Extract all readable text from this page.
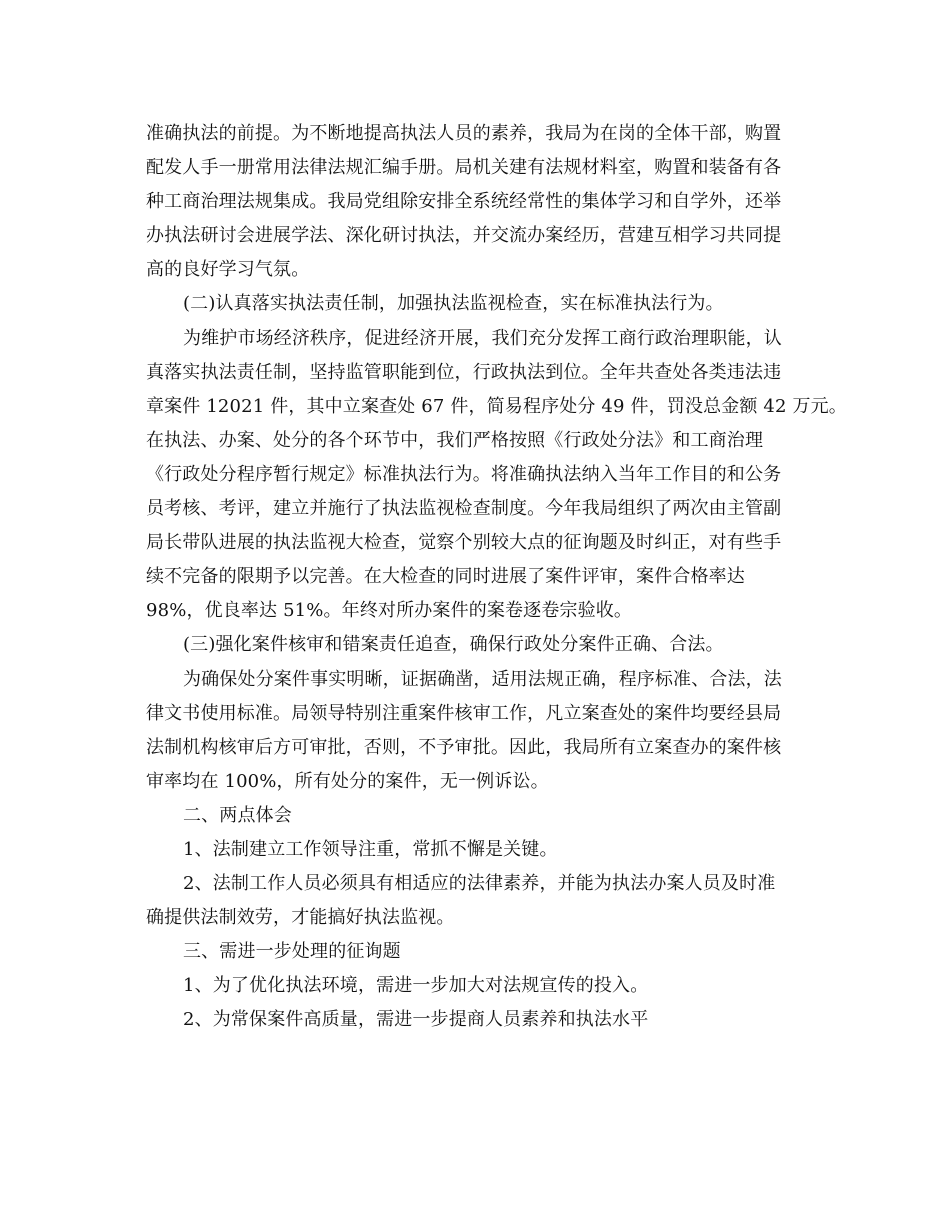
准确执法的前提。为不断地提高执法人员的素养，我局为在岗的全体干部，购置
配发人手一册常用法律法规汇编手册。局机关建有法规材料室，购置和装备有各
种工商治理法规集成。我局党组除安排全系统经常性的集体学习和自学外，还举
办执法研讨会进展学法、深化研讨执法，并交流办案经历，营建互相学习共同提
高的良好学习气氛。
(二)认真落实执法责任制，加强执法监视检查，实在标准执法行为。
为维护市场经济秩序，促进经济开展，我们充分发挥工商行政治理职能，认
真落实执法责任制，坚持监管职能到位，行政执法到位。全年共查处各类违法违
章案件 12021 件，其中立案查处 67 件，简易程序处分 49 件，罚没总金额 42 万元。
在执法、办案、处分的各个环节中，我们严格按照《行政处分法》和工商治理
《行政处分程序暂行规定》标准执法行为。将准确执法纳入当年工作目的和公务
员考核、考评，建立并施行了执法监视检查制度。今年我局组织了两次由主管副
局长带队进展的执法监视大检查，觉察个别较大点的征询题及时纠正，对有些手
续不完备的限期予以完善。在大检查的同时进展了案件评审，案件合格率达
98%，优良率达 51%。年终对所办案件的案卷逐卷宗验收。
(三)强化案件核审和错案责任追查，确保行政处分案件正确、合法。
为确保处分案件事实明晰，证据确凿，适用法规正确，程序标准、合法，法
律文书使用标准。局领导特别注重案件核审工作，凡立案查处的案件均要经县局
法制机构核审后方可审批，否则，不予审批。因此，我局所有立案查办的案件核
审率均在 100%，所有处分的案件，无一例诉讼。
二、两点体会
1、法制建立工作领导注重，常抓不懈是关键。
2、法制工作人员必须具有相适应的法律素养，并能为执法办案人员及时准
确提供法制效劳，才能搞好执法监视。
三、需进一步处理的征询题
1、为了优化执法环境，需进一步加大对法规宣传的投入。
2、为常保案件高质量，需进一步提商人员素养和执法水平
